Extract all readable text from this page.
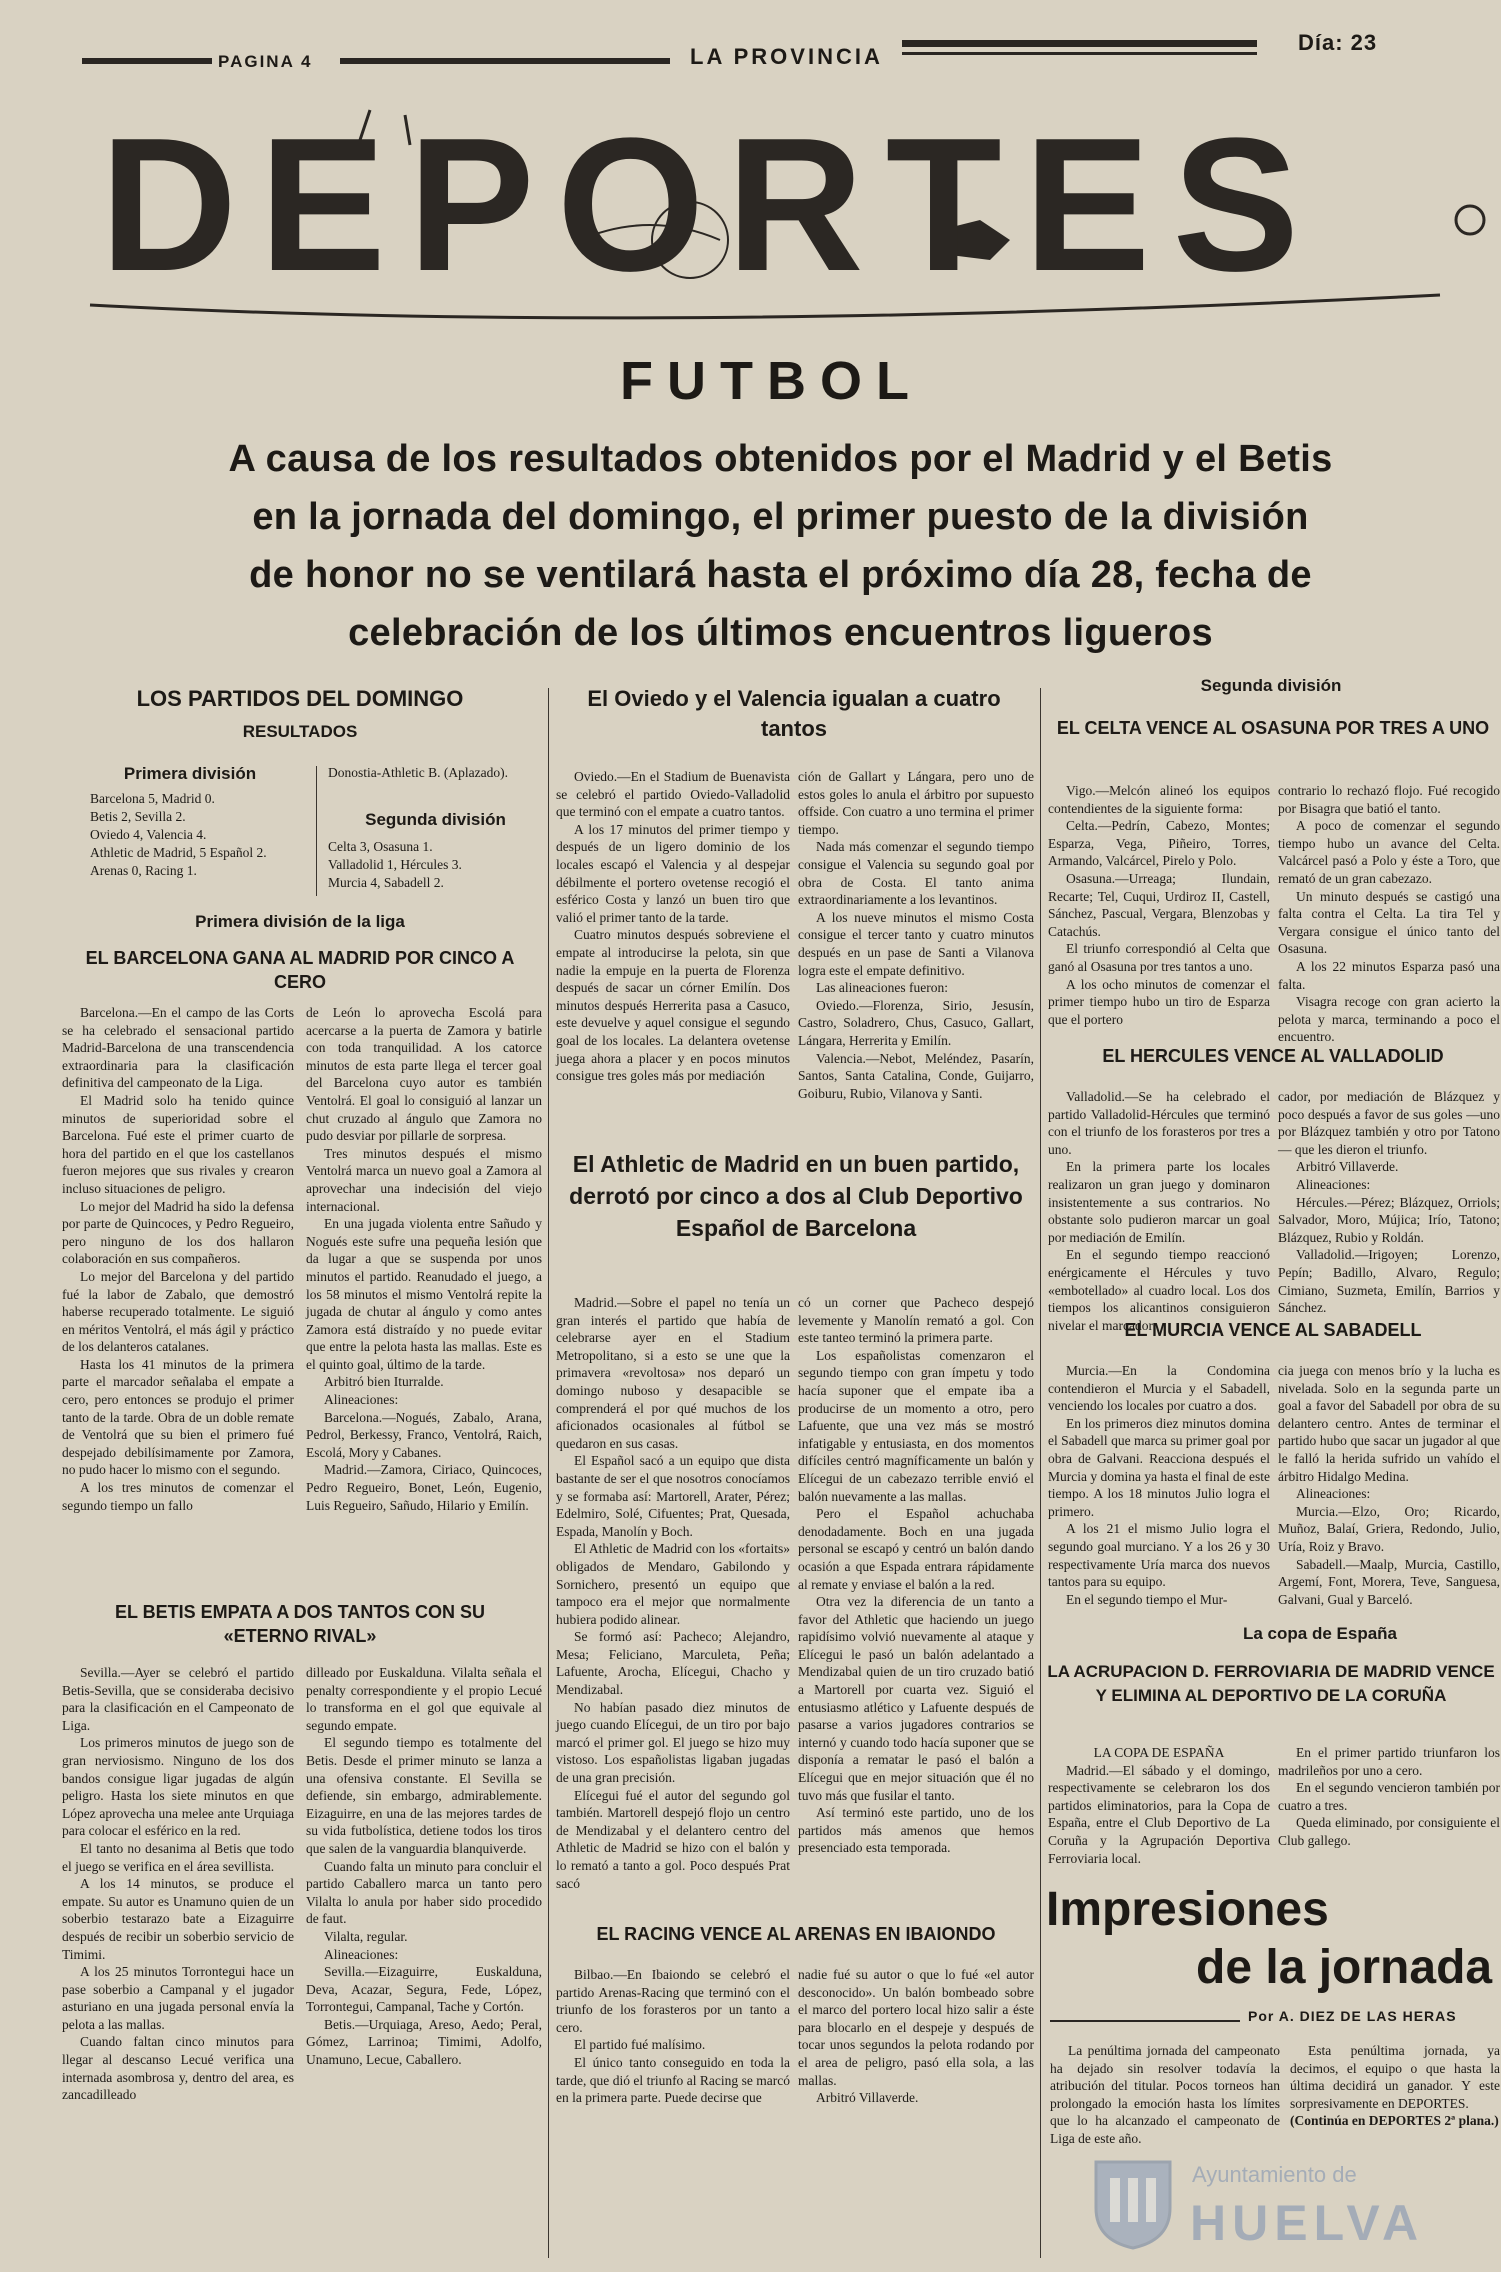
PAGINA 4	LA PROVINCIA
Día: 23
DEPORTES
FUTBOL
A causa de los resultados obtenidos por el Madrid y el Betis
en la jornada del domingo, el primer puesto de la división
de honor no se ventilará hasta el próximo día 28, fecha de
celebración de los últimos encuentros ligueros
LOS PARTIDOS DEL DOMINGO
RESULTADOS
Primera división
Barcelona 5, Madrid 0.
Betis 2, Sevilla 2.
Oviedo 4, Valencia 4.
Athletic de Madrid, 5 Español 2.
Arenas 0, Racing 1.
Donostia-Athletic B. (Aplazado).
Segunda división
Celta 3, Osasuna 1.
Valladolid 1, Hércules 3.
Murcia 4, Sabadell 2.
Primera división de la liga
EL BARCELONA GANA AL MADRID POR CINCO A CERO

Barcelona.—En el campo de las Corts se ha celebrado el sensacional partido Madrid-Barcelona de una transcendencia extraordinaria para la clasificación definitiva del campeonato de la Liga.

El Madrid solo ha tenido quince minutos de superioridad sobre el Barcelona. Fué este el primer cuarto de hora del partido en el que los castellanos fueron mejores que sus rivales y crearon incluso situaciones de peligro.

Lo mejor del Madrid ha sido la defensa por parte de Quincoces, y Pedro Regueiro, pero ninguno de los dos hallaron colaboración en sus compañeros.

Lo mejor del Barcelona y del partido fué la labor de Zabalo, que demostró haberse recuperado totalmente. Le siguió en méritos Ventolrá, el más ágil y práctico de los delanteros catalanes.

Hasta los 41 minutos de la primera parte el marcador señalaba el empate a cero, pero entonces se produjo el primer tanto de la tarde. Obra de un doble remate de Ventolrá que su bien el primero fué despejado debilísimamente por Zamora, no pudo hacer lo mismo con el segundo.

A los tres minutos de comenzar el segundo tiempo un fallo

de León lo aprovecha Escolá para acercarse a la puerta de Zamora y batirle con toda tranquilidad. A los catorce minutos de esta parte llega el tercer goal del Barcelona cuyo autor es también Ventolrá. El goal lo consiguió al lanzar un chut cruzado al ángulo que Zamora no pudo desviar por pillarle de sorpresa.

Tres minutos después el mismo Ventolrá marca un nuevo goal a Zamora al aprovechar una indecisión del viejo internacional.

En una jugada violenta entre Sañudo y Nogués este sufre una pequeña lesión que da lugar a que se suspenda por unos minutos el partido. Reanudado el juego, a los 58 minutos el mismo Ventolrá repite la jugada de chutar al ángulo y como antes Zamora está distraído y no puede evitar que entre la pelota hasta las mallas. Este es el quinto goal, último de la tarde.

Arbitró bien Iturralde.

Alineaciones:

Barcelona.—Nogués, Zabalo, Arana, Pedrol, Berkessy, Franco, Ventolrá, Raich, Escolá, Mory y Cabanes.

Madrid.—Zamora, Ciriaco, Quincoces, Pedro Regueiro, Bonet, León, Eugenio, Luis Regueiro, Sañudo, Hilario y Emilín.

EL BETIS EMPATA A DOS TANTOS CON SU «ETERNO RIVAL»

Sevilla.—Ayer se celebró el partido Betis-Sevilla, que se consideraba decisivo para la clasificación en el Campeonato de Liga.

Los primeros minutos de juego son de gran nerviosismo. Ninguno de los dos bandos consigue ligar jugadas de algún peligro. Hasta los siete minutos en que López aprovecha una melee ante Urquiaga para colocar el esférico en la red.

El tanto no desanima al Betis que todo el juego se verifica en el área sevillista.

A los 14 minutos, se produce el empate. Su autor es Unamuno quien de un soberbio testarazo bate a Eizaguirre después de recibir un soberbio servicio de Timimi.

A los 25 minutos Torrontegui hace un pase soberbio a Campanal y el jugador asturiano en una jugada personal envía la pelota a las mallas.

Cuando faltan cinco minutos para llegar al descanso Lecué verifica una internada asombrosa y, dentro del area, es zancadilleado

dilleado por Euskalduna. Vilalta señala el penalty correspondiente y el propio Lecué lo transforma en el gol que equivale al segundo empate.

El segundo tiempo es totalmente del Betis. Desde el primer minuto se lanza a una ofensiva constante. El Sevilla se defiende, sin embargo, admirablemente. Eizaguirre, en una de las mejores tardes de su vida futbolística, detiene todos los tiros que salen de la vanguardia blanquiverde.

Cuando falta un minuto para concluir el partido Caballero marca un tanto pero Vilalta lo anula por haber sido procedido de faut.

Vilalta, regular.

Alineaciones:

Sevilla.—Eizaguirre, Euskalduna, Deva, Acazar, Segura, Fede, López, Torrontegui, Campanal, Tache y Cortón.

Betis.—Urquiaga, Areso, Aedo; Peral, Gómez, Larrinoa; Timimi, Adolfo, Unamuno, Lecue, Caballero.

El Oviedo y el Valencia igualan a cuatro tantos

Oviedo.—En el Stadium de Buenavista se celebró el partido Oviedo-Valladolid que terminó con el empate a cuatro tantos.

A los 17 minutos del primer tiempo y después de un ligero dominio de los locales escapó el Valencia y al despejar débilmente el portero ovetense recogió el esférico Costa y lanzó un buen tiro que valió el primer tanto de la tarde.

Cuatro minutos después sobreviene el empate al introducirse la pelota, sin que nadie la empuje en la puerta de Florenza después de sacar un córner Emilín. Dos minutos después Herrerita pasa a Casuco, este devuelve y aquel consigue el segundo goal de los locales. La delantera ovetense juega ahora a placer y en pocos minutos consigue tres goles más por mediación

ción de Gallart y Lángara, pero uno de estos goles lo anula el árbitro por supuesto offside. Con cuatro a uno termina el primer tiempo.

Nada más comenzar el segundo tiempo consigue el Valencia su segundo goal por obra de Costa. El tanto anima extraordinariamente a los levantinos.

A los nueve minutos el mismo Costa consigue el tercer tanto y cuatro minutos después en un pase de Santi a Vilanova logra este el empate definitivo.

Las alineaciones fueron:

Oviedo.—Florenza, Sirio, Jesusín, Castro, Soladrero, Chus, Casuco, Gallart, Lángara, Herrerita y Emilín.

Valencia.—Nebot, Meléndez, Pasarín, Santos, Santa Catalina, Conde, Guijarro, Goiburu, Rubio, Vilanova y Santi.

El Athletic de Madrid en un buen partido, derrotó por cinco a dos al Club Deportivo Español de Barcelona

Madrid.—Sobre el papel no tenía un gran interés el partido que había de celebrarse ayer en el Stadium Metropolitano, si a esto se une que la primavera «revoltosa» nos deparó un domingo nuboso y desapacible se comprenderá el por qué muchos de los aficionados ocasionales al fútbol se quedaron en sus casas.

El Español sacó a un equipo que dista bastante de ser el que nosotros conocíamos y se formaba así: Martorell, Arater, Pérez; Edelmiro, Solé, Cifuentes; Prat, Quesada, Espada, Manolín y Boch.

El Athletic de Madrid con los «fortaits» obligados de Mendaro, Gabilondo y Sornichero, presentó un equipo que tampoco era el mejor que normalmente hubiera podido alinear.

Se formó así: Pacheco; Alejandro, Mesa; Feliciano, Marculeta, Peña; Lafuente, Arocha, Elícegui, Chacho y Mendizabal.

No habían pasado diez minutos de juego cuando Elícegui, de un tiro por bajo marcó el primer gol. El juego se hizo muy vistoso. Los españolistas ligaban jugadas de una gran precisión.

Elícegui fué el autor del segundo gol también. Martorell despejó flojo un centro de Mendizabal y el delantero centro del Athletic de Madrid se hizo con el balón y lo remató a tanto a gol. Poco después Prat sacó

có un corner que Pacheco despejó levemente y Manolín remató a gol. Con este tanteo terminó la primera parte.

Los españolistas comenzaron el segundo tiempo con gran ímpetu y todo hacía suponer que el empate iba a producirse de un momento a otro, pero Lafuente, que una vez más se mostró infatigable y entusiasta, en dos momentos difíciles centró magníficamente un balón y Elícegui de un cabezazo terrible envió el balón nuevamente a las mallas.

Pero el Español achuchaba denodadamente. Boch en una jugada personal se escapó y centró un balón dando ocasión a que Espada entrara rápidamente al remate y enviase el balón a la red.

Otra vez la diferencia de un tanto a favor del Athletic que haciendo un juego rapidísimo volvió nuevamente al ataque y Elícegui le pasó un balón adelantado a Mendizabal quien de un tiro cruzado batió a Martorell por cuarta vez. Siguió el entusiasmo atlético y Lafuente después de pasarse a varios jugadores contrarios se internó y cuando todo hacía suponer que se disponía a rematar le pasó el balón a Elícegui que en mejor situación que él no tuvo más que fusilar el tanto.

Así terminó este partido, uno de los partidos más amenos que hemos presenciado esta temporada.

EL RACING VENCE AL ARENAS EN IBAIONDO

Bilbao.—En Ibaiondo se celebró el partido Arenas-Racing que terminó con el triunfo de los forasteros por un tanto a cero.

El partido fué malísimo.

El único tanto conseguido en toda la tarde, que dió el triunfo al Racing se marcó en la primera parte. Puede decirse que

nadie fué su autor o que lo fué «el autor desconocido». Un balón bombeado sobre el marco del portero local hizo salir a éste para blocarlo en el despeje y después de tocar unos segundos la pelota rodando por el area de peligro, pasó ella sola, a las mallas.

Arbitró Villaverde.

Segunda división
EL CELTA VENCE AL OSASUNA POR TRES A UNO

Vigo.—Melcón alineó los equipos contendientes de la siguiente forma:

Celta.—Pedrín, Cabezo, Montes; Esparza, Vega, Piñeiro, Torres, Armando, Valcárcel, Pirelo y Polo.

Osasuna.—Urreaga; Ilundain, Recarte; Tel, Cuqui, Urdiroz II, Castell, Sánchez, Pascual, Vergara, Blenzobas y Catachús.

El triunfo correspondió al Celta que ganó al Osasuna por tres tantos a uno.

A los ocho minutos de comenzar el primer tiempo hubo un tiro de Esparza que el portero

contrario lo rechazó flojo. Fué recogido por Bisagra que batió el tanto.

A poco de comenzar el segundo tiempo hubo un avance del Celta. Valcárcel pasó a Polo y éste a Toro, que remató de un gran cabezazo.

Un minuto después se castigó una falta contra el Celta. La tira Tel y Vergara consigue el único tanto del Osasuna.

A los 22 minutos Esparza pasó una falta.

Visagra recoge con gran acierto la pelota y marca, terminando a poco el encuentro.

EL HERCULES VENCE AL VALLADOLID

Valladolid.—Se ha celebrado el partido Valladolid-Hércules que terminó con el triunfo de los forasteros por tres a uno.

En la primera parte los locales realizaron un gran juego y dominaron insistentemente a sus contrarios. No obstante solo pudieron marcar un goal por mediación de Emilín.

En el segundo tiempo reaccionó enérgicamente el Hércules y tuvo «embotellado» al cuadro local. Los dos tiempos los alicantinos consiguieron nivelar el marcador

cador, por mediación de Blázquez y poco después a favor de sus goles —uno por Blázquez también y otro por Tatono— que les dieron el triunfo.

Arbitró Villaverde.

Alineaciones:

Hércules.—Pérez; Blázquez, Orriols; Salvador, Moro, Mújica; Irío, Tatono; Blázquez, Rubio y Roldán.

Valladolid.—Irigoyen; Lorenzo, Pepín; Badillo, Alvaro, Regulo; Cimiano, Suzmeta, Emilín, Barrios y Sánchez.

EL MURCIA VENCE AL SABADELL

Murcia.—En la Condomina contendieron el Murcia y el Sabadell, venciendo los locales por cuatro a dos.

En los primeros diez minutos domina el Sabadell que marca su primer goal por obra de Galvani. Reacciona después el Murcia y domina ya hasta el final de este tiempo. A los 18 minutos Julio logra el primero.

A los 21 el mismo Julio logra el segundo goal murciano. Y a los 26 y 30 respectivamente Uría marca dos nuevos tantos para su equipo.

En el segundo tiempo el Mur-

cia juega con menos brío y la lucha es nivelada. Solo en la segunda parte un goal a favor del Sabadell por obra de su delantero centro. Antes de terminar el partido hubo que sacar un jugador al que le falló la herida sufrido un vahído el árbitro Hidalgo Medina.

Alineaciones:

Murcia.—Elzo, Oro; Ricardo, Muñoz, Balaí, Griera, Redondo, Julio, Uría, Roiz y Bravo.

Sabadell.—Maalp, Murcia, Castillo, Argemí, Font, Morera, Teve, Sanguesa, Galvani, Gual y Barceló.

La copa de España
LA ACRUPACION D. FERROVIARIA DE MADRID VENCE Y ELIMINA AL DEPORTIVO DE LA CORUÑA

LA COPA DE ESPAÑA

Madrid.—El sábado y el domingo, respectivamente se celebraron los dos partidos eliminatorios, para la Copa de España, entre el Club Deportivo de La Coruña y la Agrupación Deportiva Ferroviaria local.

En el primer partido triunfaron los madrileños por uno a cero.

En el segundo vencieron también por cuatro a tres.

Queda eliminado, por consiguiente el Club gallego.

Impresiones
de la jornada
Por A. DIEZ DE LAS HERAS

La penúltima jornada del campeonato ha dejado sin resolver todavía la atribución del titular. Pocos torneos han prolongado la emoción hasta los límites que lo ha alcanzado el campeonato de Liga de este año.

Esta penúltima jornada, ya decimos, el equipo o que hasta la última decidirá un ganador. Y este sorpresivamente en DEPORTES.

(Continúa en DEPORTES 2ª plana.)

Ayuntamiento de
HUELVA
